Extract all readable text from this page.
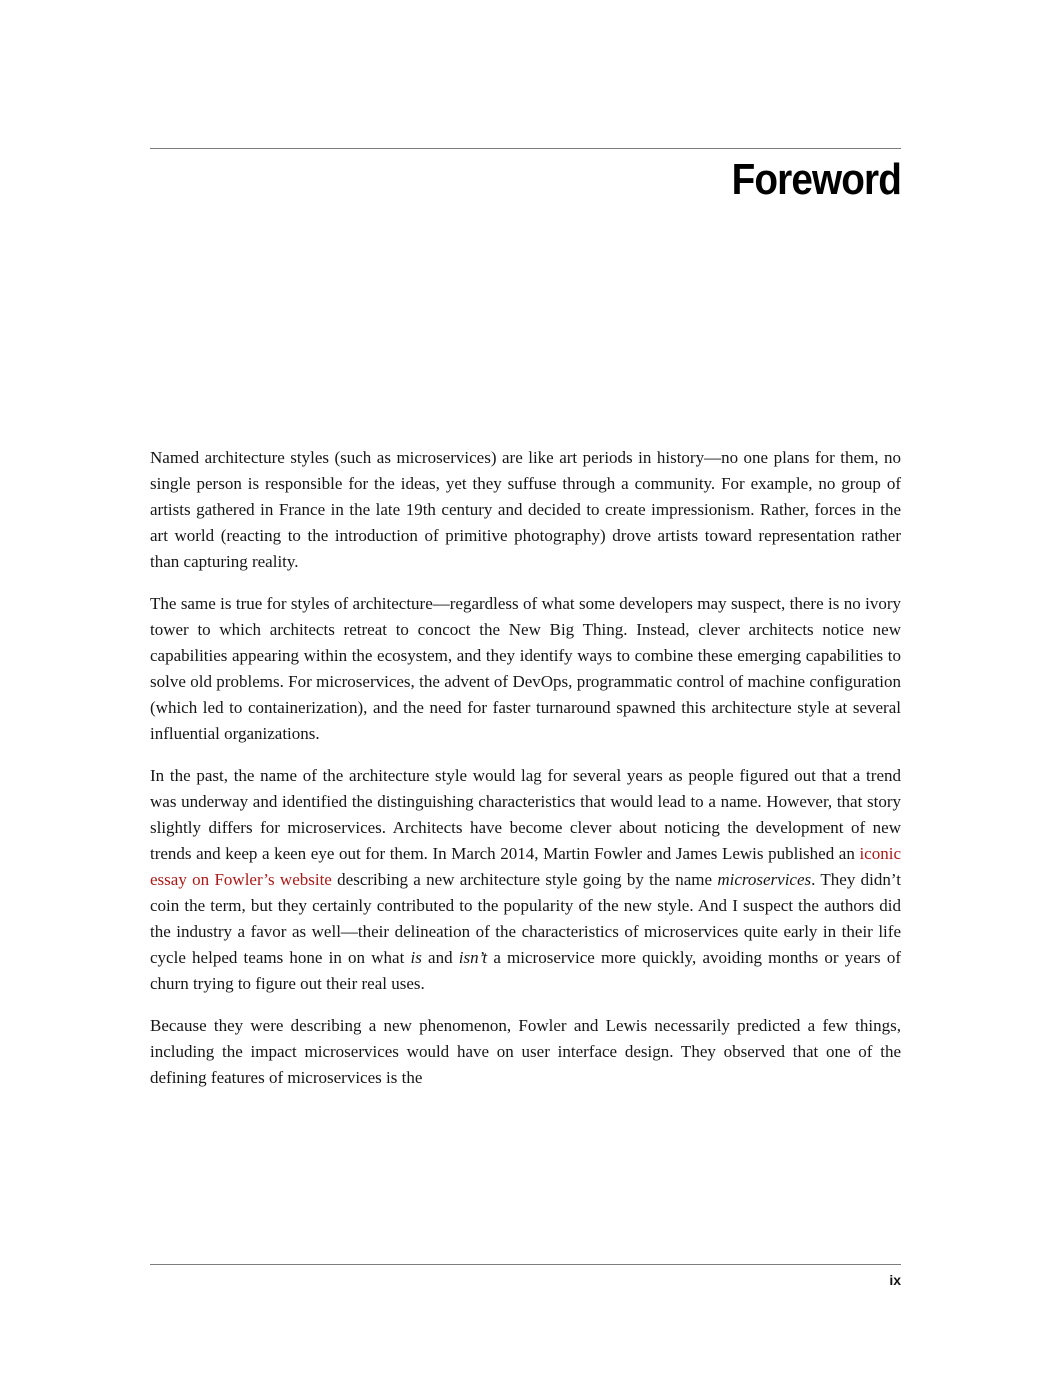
Foreword

Named architecture styles (such as microservices) are like art periods in history—no one plans for them, no single person is responsible for the ideas, yet they suffuse through a community. For example, no group of artists gathered in France in the late 19th century and decided to create impressionism. Rather, forces in the art world (reacting to the introduction of primitive photography) drove artists toward representation rather than capturing reality.

The same is true for styles of architecture—regardless of what some developers may suspect, there is no ivory tower to which architects retreat to concoct the New Big Thing. Instead, clever architects notice new capabilities appearing within the ecosystem, and they identify ways to combine these emerging capabilities to solve old problems. For microservices, the advent of DevOps, programmatic control of machine configuration (which led to containerization), and the need for faster turnaround spawned this architecture style at several influential organizations.

In the past, the name of the architecture style would lag for several years as people figured out that a trend was underway and identified the distinguishing characteristics that would lead to a name. However, that story slightly differs for microservices. Architects have become clever about noticing the development of new trends and keep a keen eye out for them. In March 2014, Martin Fowler and James Lewis published an iconic essay on Fowler’s website describing a new architecture style going by the name microservices. They didn’t coin the term, but they certainly contributed to the popularity of the new style. And I suspect the authors did the industry a favor as well—their delineation of the characteristics of microservices quite early in their life cycle helped teams hone in on what is and isn’t a microservice more quickly, avoiding months or years of churn trying to figure out their real uses.

Because they were describing a new phenomenon, Fowler and Lewis necessarily predicted a few things, including the impact microservices would have on user interface design. They observed that one of the defining features of microservices is the

ix
